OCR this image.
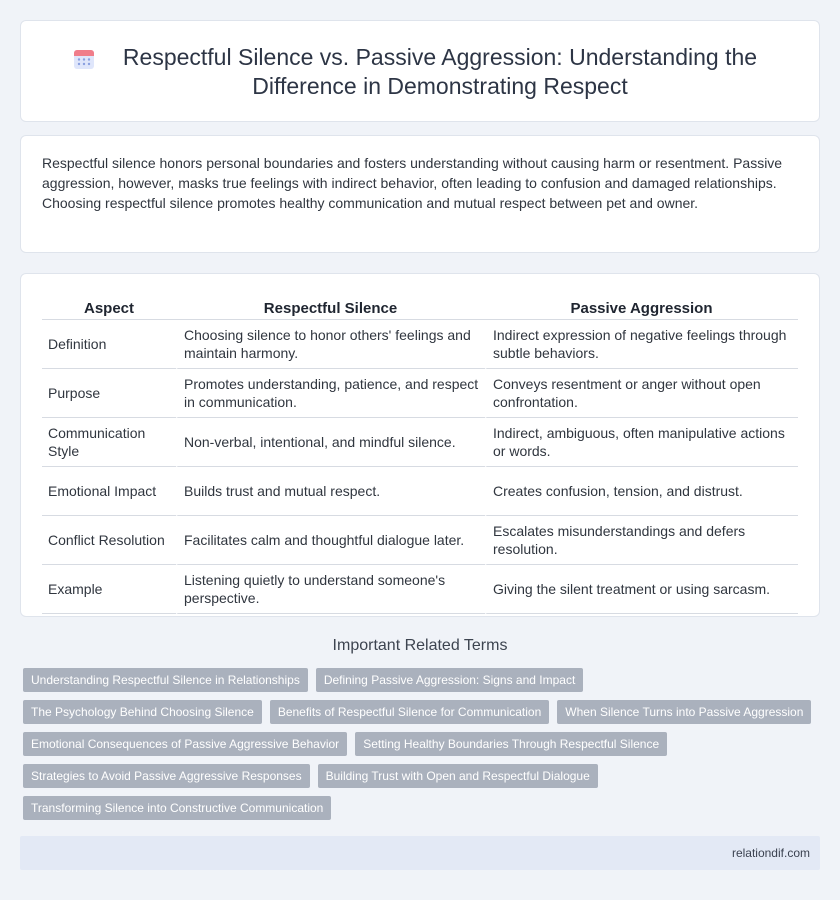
Respectful Silence vs. Passive Aggression: Understanding the Difference in Demonstrating Respect

Respectful silence honors personal boundaries and fosters understanding without causing harm or resentment. Passive aggression, however, masks true feelings with indirect behavior, often leading to confusion and damaged relationships. Choosing respectful silence promotes healthy communication and mutual respect between pet and owner.

Aspect	Respectful Silence	Passive Aggression
Definition	Choosing silence to honor others' feelings and maintain harmony.	Indirect expression of negative feelings through subtle behaviors.
Purpose	Promotes understanding, patience, and respect in communication.	Conveys resentment or anger without open confrontation.
Communication Style	Non-verbal, intentional, and mindful silence.	Indirect, ambiguous, often manipulative actions or words.
Emotional Impact	Builds trust and mutual respect.	Creates confusion, tension, and distrust.
Conflict Resolution	Facilitates calm and thoughtful dialogue later.	Escalates misunderstandings and defers resolution.
Example	Listening quietly to understand someone's perspective.	Giving the silent treatment or using sarcasm.
Important Related Terms
Understanding Respectful Silence in Relationships	Defining Passive Aggression: Signs and Impact
The Psychology Behind Choosing Silence	Benefits of Respectful Silence for Communication	When Silence Turns into Passive Aggression
Emotional Consequences of Passive Aggressive Behavior	Setting Healthy Boundaries Through Respectful Silence
Strategies to Avoid Passive Aggressive Responses	Building Trust with Open and Respectful Dialogue
Transforming Silence into Constructive Communication
relationdif.com
